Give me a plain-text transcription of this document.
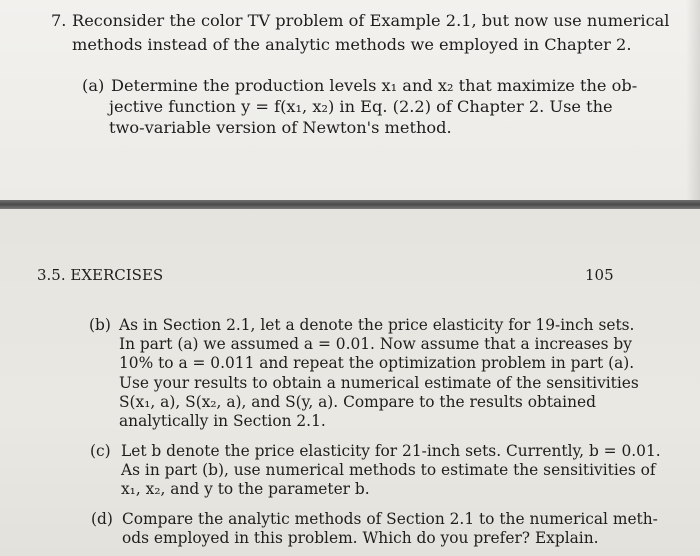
7. Reconsider the color TV problem of Example 2.1, but now use numerical
methods instead of the analytic methods we employed in Chapter 2.
(a) Determine the production levels x₁ and x₂ that maximize the ob-
jective function y = f(x₁, x₂) in Eq. (2.2) of Chapter 2. Use the
two-variable version of Newton's method.
3.5. EXERCISES	105
(b) As in Section 2.1, let a denote the price elasticity for 19-inch sets.
In part (a) we assumed a = 0.01. Now assume that a increases by
10% to a = 0.011 and repeat the optimization problem in part (a).
Use your results to obtain a numerical estimate of the sensitivities
S(x₁, a), S(x₂, a), and S(y, a). Compare to the results obtained
analytically in Section 2.1.
(c) Let b denote the price elasticity for 21-inch sets. Currently, b = 0.01.
As in part (b), use numerical methods to estimate the sensitivities of
x₁, x₂, and y to the parameter b.
(d) Compare the analytic methods of Section 2.1 to the numerical meth-
ods employed in this problem. Which do you prefer? Explain.
